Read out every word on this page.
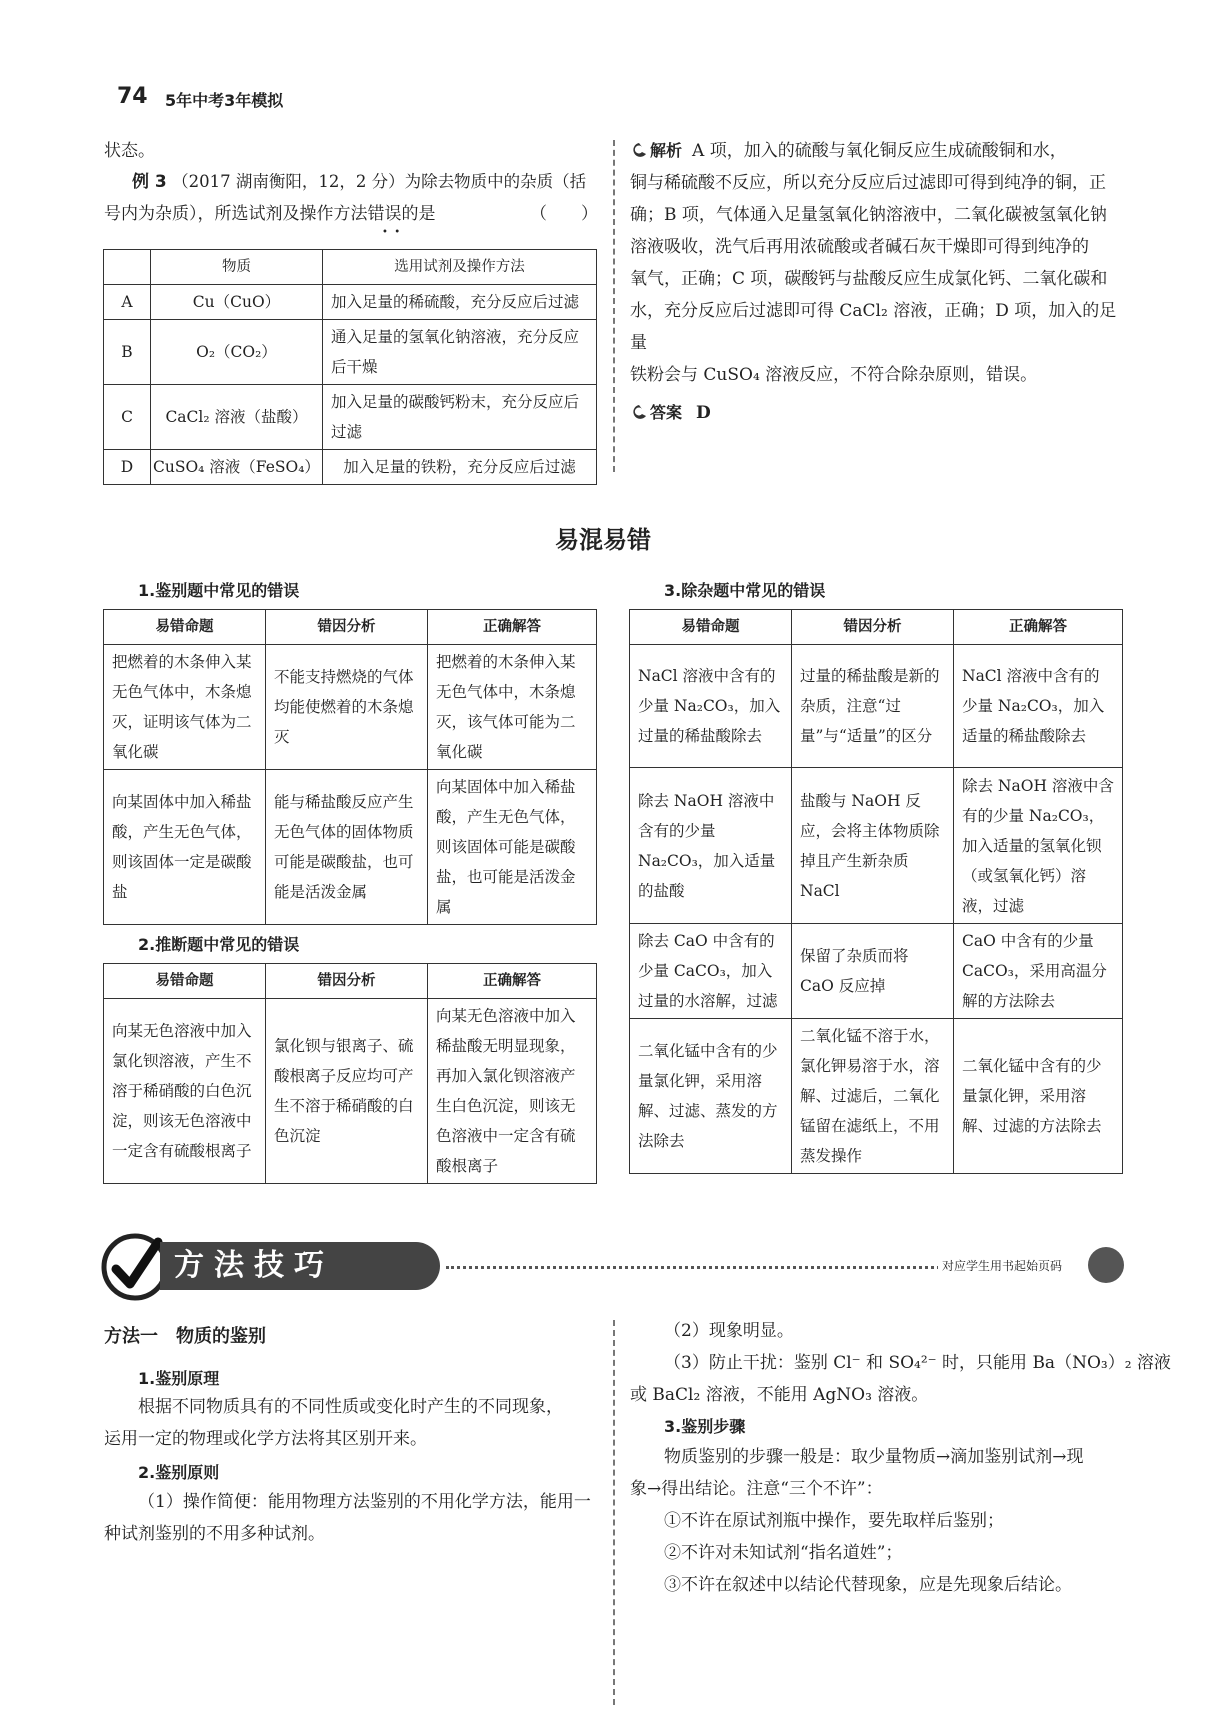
74 5年中考3年模拟
状态。
例 3 （2017 湖南衡阳，12，2 分）为除去物质中的杂质（括
号内为杂质），所选试剂及操作方法错误的是
•  •
（　　）
	物质	选用试剂及操作方法
A	Cu（CuO）	加入足量的稀硫酸，充分反应后过滤
B	O₂（CO₂）	通入足量的氢氧化钠溶液，充分反应后干燥
C	CaCl₂ 溶液（盐酸）	加入足量的碳酸钙粉末，充分反应后过滤
D	CuSO₄ 溶液（FeSO₄）	加入足量的铁粉，充分反应后过滤
解析 A 项，加入的硫酸与氧化铜反应生成硫酸铜和水，
铜与稀硫酸不反应，所以充分反应后过滤即可得到纯净的铜，正
确；B 项，气体通入足量氢氧化钠溶液中，二氧化碳被氢氧化钠
溶液吸收，洗气后再用浓硫酸或者碱石灰干燥即可得到纯净的
氧气，正确；C 项，碳酸钙与盐酸反应生成氯化钙、二氧化碳和
水，充分反应后过滤即可得 CaCl₂ 溶液，正确；D 项，加入的足量
铁粉会与 CuSO₄ 溶液反应，不符合除杂原则，错误。
答案 D
易混易错
1.鉴别题中常见的错误
易错命题	错因分析	正确解答
把燃着的木条伸入某无色气体中，木条熄灭，证明该气体为二氧化碳	不能支持燃烧的气体均能使燃着的木条熄灭	把燃着的木条伸入某无色气体中，木条熄灭，该气体可能为二氧化碳
向某固体中加入稀盐酸，产生无色气体，则该固体一定是碳酸盐	能与稀盐酸反应产生无色气体的固体物质可能是碳酸盐，也可能是活泼金属	向某固体中加入稀盐酸，产生无色气体，则该固体可能是碳酸盐，也可能是活泼金属
2.推断题中常见的错误
易错命题	错因分析	正确解答
向某无色溶液中加入氯化钡溶液，产生不溶于稀硝酸的白色沉淀，则该无色溶液中一定含有硫酸根离子	氯化钡与银离子、硫酸根离子反应均可产生不溶于稀硝酸的白色沉淀	向某无色溶液中加入稀盐酸无明显现象，再加入氯化钡溶液产生白色沉淀，则该无色溶液中一定含有硫酸根离子
3.除杂题中常见的错误
易错命题	错因分析	正确解答
NaCl 溶液中含有的少量 Na₂CO₃，加入过量的稀盐酸除去	过量的稀盐酸是新的杂质，注意“过量”与“适量”的区分	NaCl 溶液中含有的少量 Na₂CO₃，加入适量的稀盐酸除去
除去 NaOH 溶液中含有的少量 Na₂CO₃，加入适量的盐酸	盐酸与 NaOH 反应，会将主体物质除掉且产生新杂质 NaCl	除去 NaOH 溶液中含有的少量 Na₂CO₃，加入适量的氢氧化钡（或氢氧化钙）溶液，过滤
除去 CaO 中含有的少量 CaCO₃，加入过量的水溶解，过滤	保留了杂质而将 CaO 反应掉	CaO 中含有的少量 CaCO₃，采用高温分解的方法除去
二氧化锰中含有的少量氯化钾，采用溶解、过滤、蒸发的方法除去	二氧化锰不溶于水，氯化钾易溶于水，溶解、过滤后，二氧化锰留在滤纸上，不用蒸发操作	二氧化锰中含有的少量氯化钾，采用溶解、过滤的方法除去
方法技巧	对应学生用书起始页码
方法一　物质的鉴别
1.鉴别原理
根据不同物质具有的不同性质或变化时产生的不同现象，
运用一定的物理或化学方法将其区别开来。
2.鉴别原则
（1）操作简便：能用物理方法鉴别的不用化学方法，能用一
种试剂鉴别的不用多种试剂。
（2）现象明显。
（3）防止干扰：鉴别 Cl⁻ 和 SO₄²⁻ 时，只能用 Ba（NO₃）₂ 溶液
或 BaCl₂ 溶液，不能用 AgNO₃ 溶液。
3.鉴别步骤
物质鉴别的步骤一般是：取少量物质→滴加鉴别试剂→现
象→得出结论。注意“三个不许”：
①不许在原试剂瓶中操作，要先取样后鉴别；
②不许对未知试剂“指名道姓”；
③不许在叙述中以结论代替现象，应是先现象后结论。
